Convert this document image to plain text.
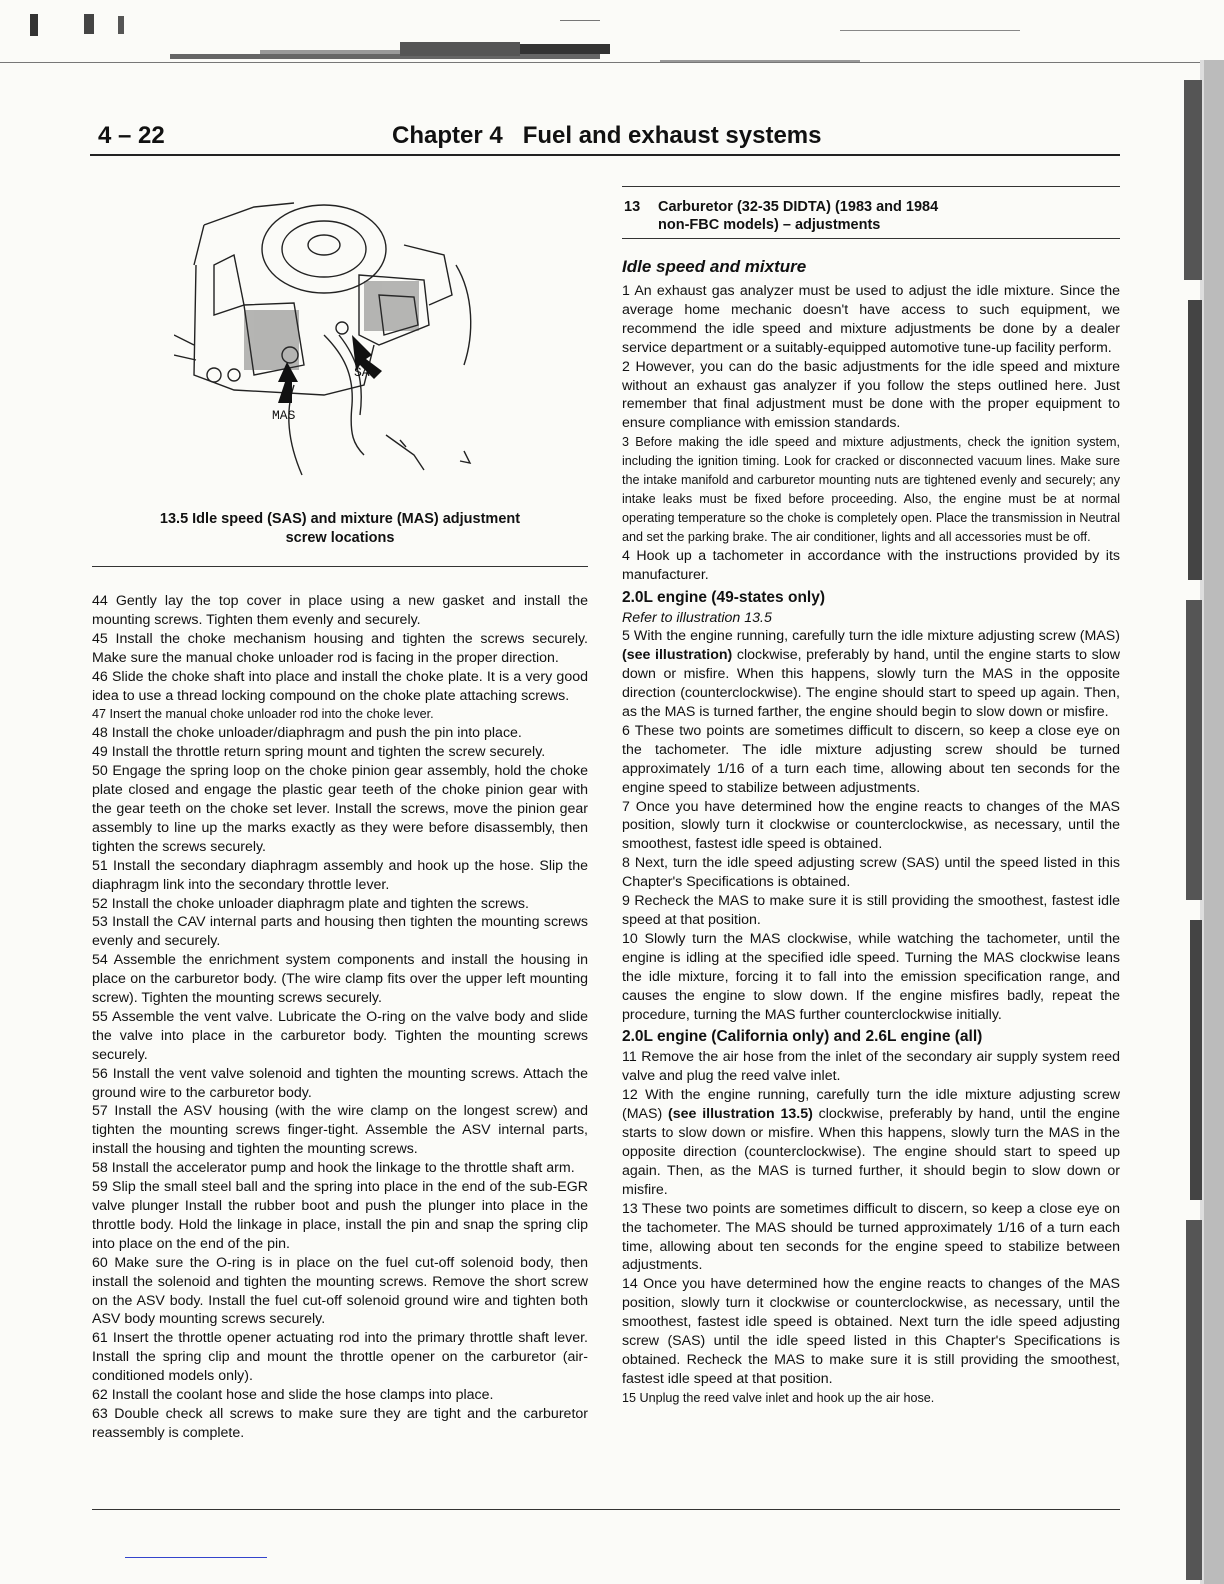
4 – 22	Chapter 4   Fuel and exhaust systems
SAS
MAS
13.5 Idle speed (SAS) and mixture (MAS) adjustment
screw locations

44 Gently lay the top cover in place using a new gasket and install the mounting screws. Tighten them evenly and securely.

45 Install the choke mechanism housing and tighten the screws securely. Make sure the manual choke unloader rod is facing in the proper direction.

46 Slide the choke shaft into place and install the choke plate. It is a very good idea to use a thread locking compound on the choke plate attaching screws.

47 Insert the manual choke unloader rod into the choke lever.

48 Install the choke unloader/diaphragm and push the pin into place.

49 Install the throttle return spring mount and tighten the screw securely.

50 Engage the spring loop on the choke pinion gear assembly, hold the choke plate closed and engage the plastic gear teeth of the choke pinion gear with the gear teeth on the choke set lever. Install the screws, move the pinion gear assembly to line up the marks exactly as they were before disassembly, then tighten the screws securely.

51 Install the secondary diaphragm assembly and hook up the hose. Slip the diaphragm link into the secondary throttle lever.

52 Install the choke unloader diaphragm plate and tighten the screws.

53 Install the CAV internal parts and housing then tighten the mounting screws evenly and securely.

54 Assemble the enrichment system components and install the housing in place on the carburetor body. (The wire clamp fits over the upper left mounting screw). Tighten the mounting screws securely.

55 Assemble the vent valve. Lubricate the O-ring on the valve body and slide the valve into place in the carburetor body. Tighten the mounting screws securely.

56 Install the vent valve solenoid and tighten the mounting screws. Attach the ground wire to the carburetor body.

57 Install the ASV housing (with the wire clamp on the longest screw) and tighten the mounting screws finger-tight. Assemble the ASV internal parts, install the housing and tighten the mounting screws.

58 Install the accelerator pump and hook the linkage to the throttle shaft arm.

59 Slip the small steel ball and the spring into place in the end of the sub-EGR valve plunger Install the rubber boot and push the plunger into place in the throttle body. Hold the linkage in place, install the pin and snap the spring clip into place on the end of the pin.

60 Make sure the O-ring is in place on the fuel cut-off solenoid body, then install the solenoid and tighten the mounting screws. Remove the short screw on the ASV body. Install the fuel cut-off solenoid ground wire and tighten both ASV body mounting screws securely.

61 Insert the throttle opener actuating rod into the primary throttle shaft lever. Install the spring clip and mount the throttle opener on the carburetor (air-conditioned models only).

62 Install the coolant hose and slide the hose clamps into place.

63 Double check all screws to make sure they are tight and the carburetor reassembly is complete.

13 Carburetor (32-35 DIDTA) (1983 and 1984
non-FBC models) – adjustments
Idle speed and mixture

1 An exhaust gas analyzer must be used to adjust the idle mixture. Since the average home mechanic doesn't have access to such equipment, we recommend the idle speed and mixture adjustments be done by a dealer service department or a suitably-equipped automotive tune-up facility perform.

2 However, you can do the basic adjustments for the idle speed and mixture without an exhaust gas analyzer if you follow the steps outlined here. Just remember that final adjustment must be done with the proper equipment to ensure compliance with emission standards.

3 Before making the idle speed and mixture adjustments, check the ignition system, including the ignition timing. Look for cracked or disconnected vacuum lines. Make sure the intake manifold and carburetor mounting nuts are tightened evenly and securely; any intake leaks must be fixed before proceeding. Also, the engine must be at normal operating temperature so the choke is completely open. Place the transmission in Neutral and set the parking brake. The air conditioner, lights and all accessories must be off.

4 Hook up a tachometer in accordance with the instructions provided by its manufacturer.

2.0L engine (49-states only)

Refer to illustration 13.5

5 With the engine running, carefully turn the idle mixture adjusting screw (MAS) (see illustration) clockwise, preferably by hand, until the engine starts to slow down or misfire. When this happens, slowly turn the MAS in the opposite direction (counterclockwise). The engine should start to speed up again. Then, as the MAS is turned farther, the engine should begin to slow down or misfire.

6 These two points are sometimes difficult to discern, so keep a close eye on the tachometer. The idle mixture adjusting screw should be turned approximately 1/16 of a turn each time, allowing about ten seconds for the engine speed to stabilize between adjustments.

7 Once you have determined how the engine reacts to changes of the MAS position, slowly turn it clockwise or counterclockwise, as necessary, until the smoothest, fastest idle speed is obtained.

8 Next, turn the idle speed adjusting screw (SAS) until the speed listed in this Chapter's Specifications is obtained.

9 Recheck the MAS to make sure it is still providing the smoothest, fastest idle speed at that position.

10 Slowly turn the MAS clockwise, while watching the tachometer, until the engine is idling at the specified idle speed. Turning the MAS clockwise leans the idle mixture, forcing it to fall into the emission specification range, and causes the engine to slow down. If the engine misfires badly, repeat the procedure, turning the MAS further counterclockwise initially.

2.0L engine (California only) and 2.6L engine (all)

11 Remove the air hose from the inlet of the secondary air supply system reed valve and plug the reed valve inlet.

12 With the engine running, carefully turn the idle mixture adjusting screw (MAS) (see illustration 13.5) clockwise, preferably by hand, until the engine starts to slow down or misfire. When this happens, slowly turn the MAS in the opposite direction (counterclockwise). The engine should start to speed up again. Then, as the MAS is turned further, it should begin to slow down or misfire.

13 These two points are sometimes difficult to discern, so keep a close eye on the tachometer. The MAS should be turned approximately 1/16 of a turn each time, allowing about ten seconds for the engine speed to stabilize between adjustments.

14 Once you have determined how the engine reacts to changes of the MAS position, slowly turn it clockwise or counterclockwise, as necessary, until the smoothest, fastest idle speed is obtained. Next turn the idle speed adjusting screw (SAS) until the idle speed listed in this Chapter's Specifications is obtained. Recheck the MAS to make sure it is still providing the smoothest, fastest idle speed at that position.

15 Unplug the reed valve inlet and hook up the air hose.
